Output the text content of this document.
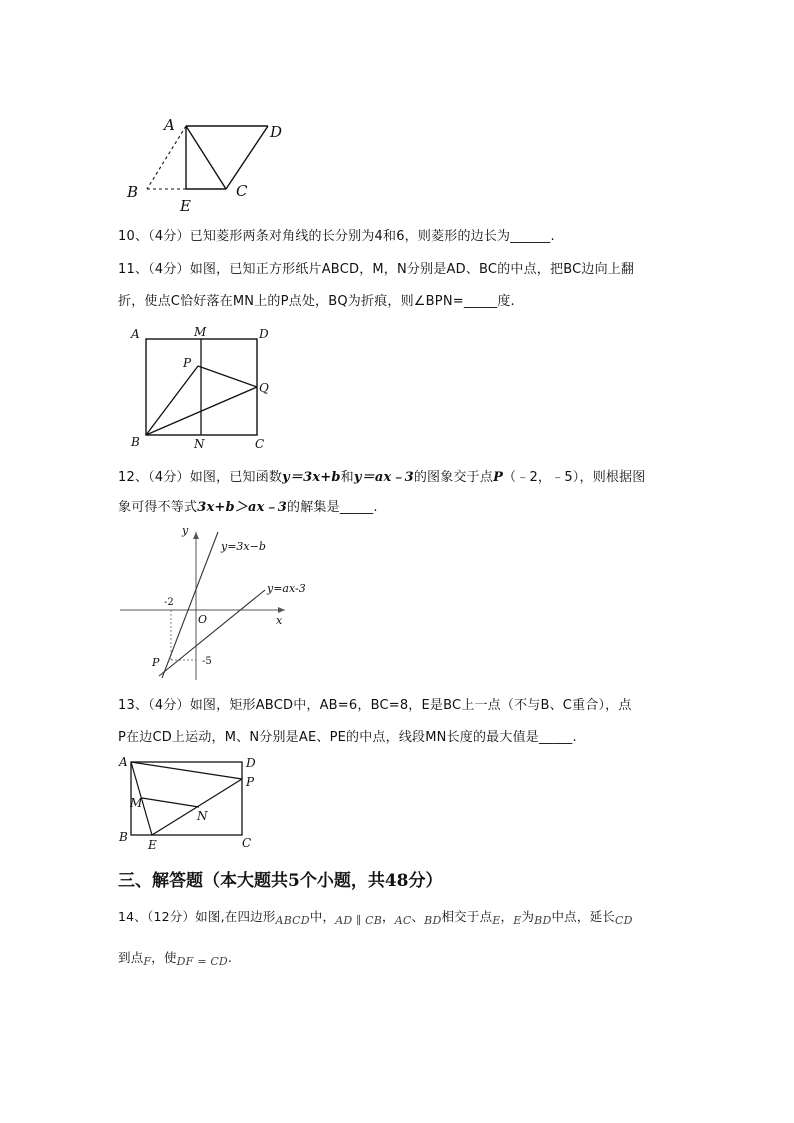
A	D
B	C
E
10、（4分）已知菱形两条对角线的长分别为4和6，则菱形的边长为______.
11、（4分）如图，已知正方形纸片ABCD，M，N分别是AD、BC的中点，把BC边向上翻
折，使点C恰好落在MN上的P点处，BQ为折痕，则∠BPN=_____度.
A	M	D
P
Q
B	N	C
12、（4分）如图，已知函数y＝3x+b和y＝ax﹣3的图象交于点P（﹣2，﹣5），则根据图
象可得不等式3x+b＞ax﹣3的解集是_____.
y
x
O
-2
-5
P
y=3x−b
y=ax-3
13、（4分）如图，矩形ABCD中，AB=6，BC=8，E是BC上一点（不与B、C重合），点
P在边CD上运动，M、N分别是AE、PE的中点，线段MN长度的最大值是_____.
A	D
P
M
N
B
E	C
三、解答题（本大题共5个小题，共48分）
14、（12分）如图,在四边形ABCD中，AD ∥ CB，AC、BD相交于点E，E为BD中点，延长CD
到点F，使DF = CD.
